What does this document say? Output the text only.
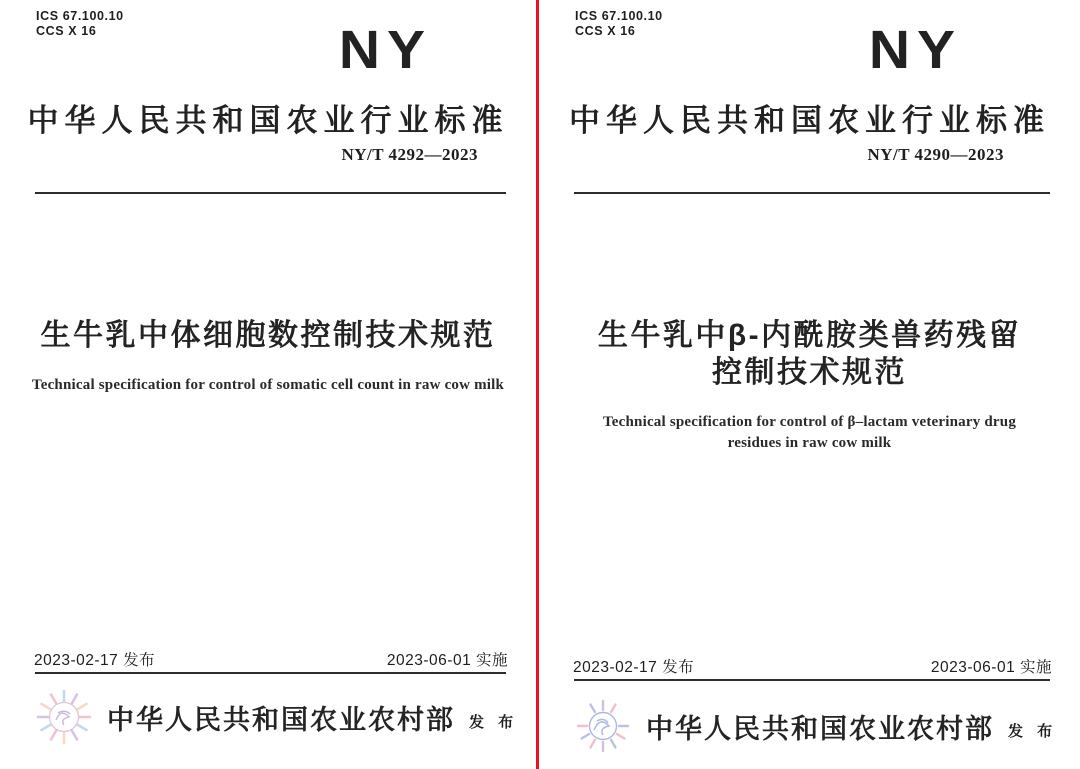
ICS 67.100.10
CCS X 16	NY
中华人民共和国农业行业标准
NY/T 4292—2023
生牛乳中体细胞数控制技术规范
Technical specification for control of somatic cell count in raw cow milk
2023-02-17 发布	2023-06-01 实施
中华人民共和国农业农村部 发 布
ICS 67.100.10
CCS X 16	NY
中华人民共和国农业行业标准
NY/T 4290—2023
生牛乳中β-内酰胺类兽药残留
控制技术规范
Technical specification for control of β–lactam veterinary drug
residues in raw cow milk
2023-02-17 发布	2023-06-01 实施
中华人民共和国农业农村部 发 布
